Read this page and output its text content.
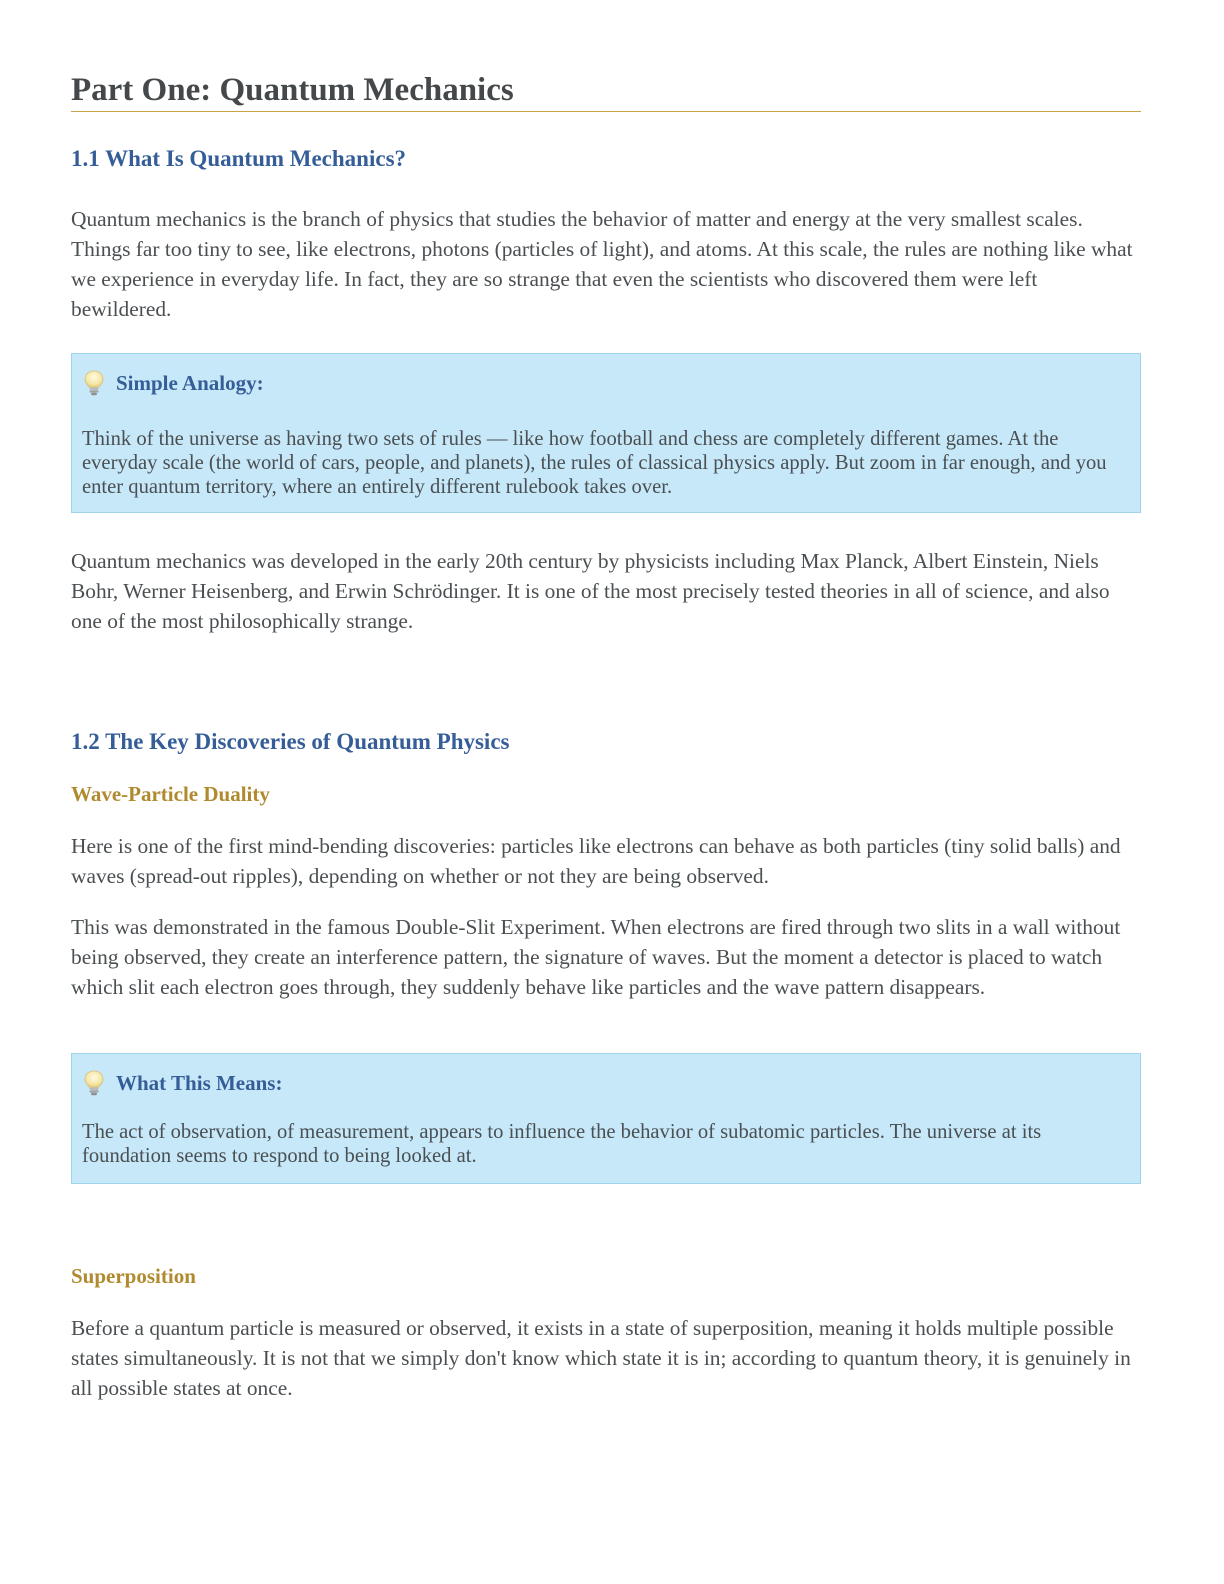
Part One: Quantum Mechanics
1.1 What Is Quantum Mechanics?

Quantum mechanics is the branch of physics that studies the behavior of matter and energy at the very smallest scales. Things far too tiny to see, like electrons, photons (particles of light), and atoms. At this scale, the rules are nothing like what we experience in everyday life. In fact, they are so strange that even the scientists who discovered them were left bewildered.

Simple Analogy:

Think of the universe as having two sets of rules — like how football and chess are completely different games. At the everyday scale (the world of cars, people, and planets), the rules of classical physics apply. But zoom in far enough, and you enter quantum territory, where an entirely different rulebook takes over.

Quantum mechanics was developed in the early 20th century by physicists including Max Planck, Albert Einstein, Niels Bohr, Werner Heisenberg, and Erwin Schrödinger. It is one of the most precisely tested theories in all of science, and also one of the most philosophically strange.

1.2 The Key Discoveries of Quantum Physics
Wave-Particle Duality

Here is one of the first mind-bending discoveries: particles like electrons can behave as both particles (tiny solid balls) and waves (spread-out ripples), depending on whether or not they are being observed.

This was demonstrated in the famous Double-Slit Experiment. When electrons are fired through two slits in a wall without being observed, they create an interference pattern, the signature of waves. But the moment a detector is placed to watch which slit each electron goes through, they suddenly behave like particles and the wave pattern disappears.

What This Means:

The act of observation, of measurement, appears to influence the behavior of subatomic particles. The universe at its foundation seems to respond to being looked at.

Superposition

Before a quantum particle is measured or observed, it exists in a state of superposition, meaning it holds multiple possible states simultaneously. It is not that we simply don't know which state it is in; according to quantum theory, it is genuinely in all possible states at once.
